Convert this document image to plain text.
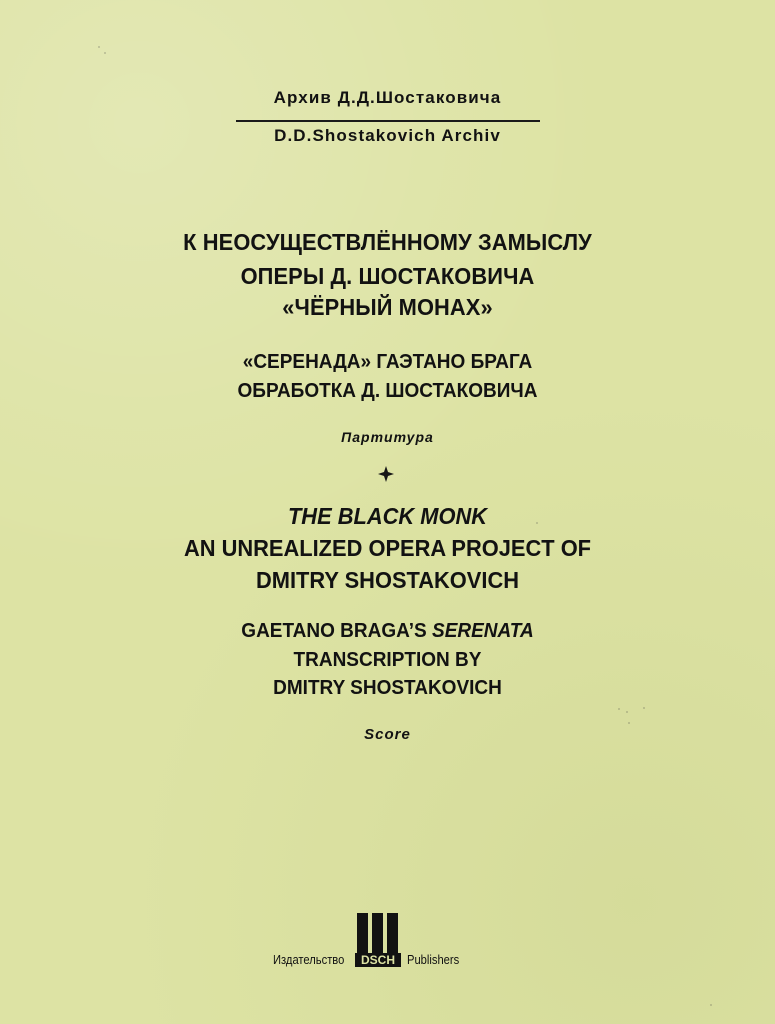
Архив Д.Д.Шостаковича

D.D.Shostakovich Archiv

К НЕОСУЩЕСТВЛЁННОМУ ЗАМЫСЛУ

ОПЕРЫ Д. ШОСТАКОВИЧА

«ЧЁРНЫЙ МОНАХ»

«СЕРЕНАДА» ГАЭТАНО БРАГА

ОБРАБОТКА Д. ШОСТАКОВИЧА

Партитура

THE BLACK MONK

AN UNREALIZED OPERA PROJECT OF

DMITRY SHOSTAKOVICH

GAETANO BRAGA’S SERENATA

TRANSCRIPTION BY

DMITRY SHOSTAKOVICH

Score

Издательство DSCH Publishers
